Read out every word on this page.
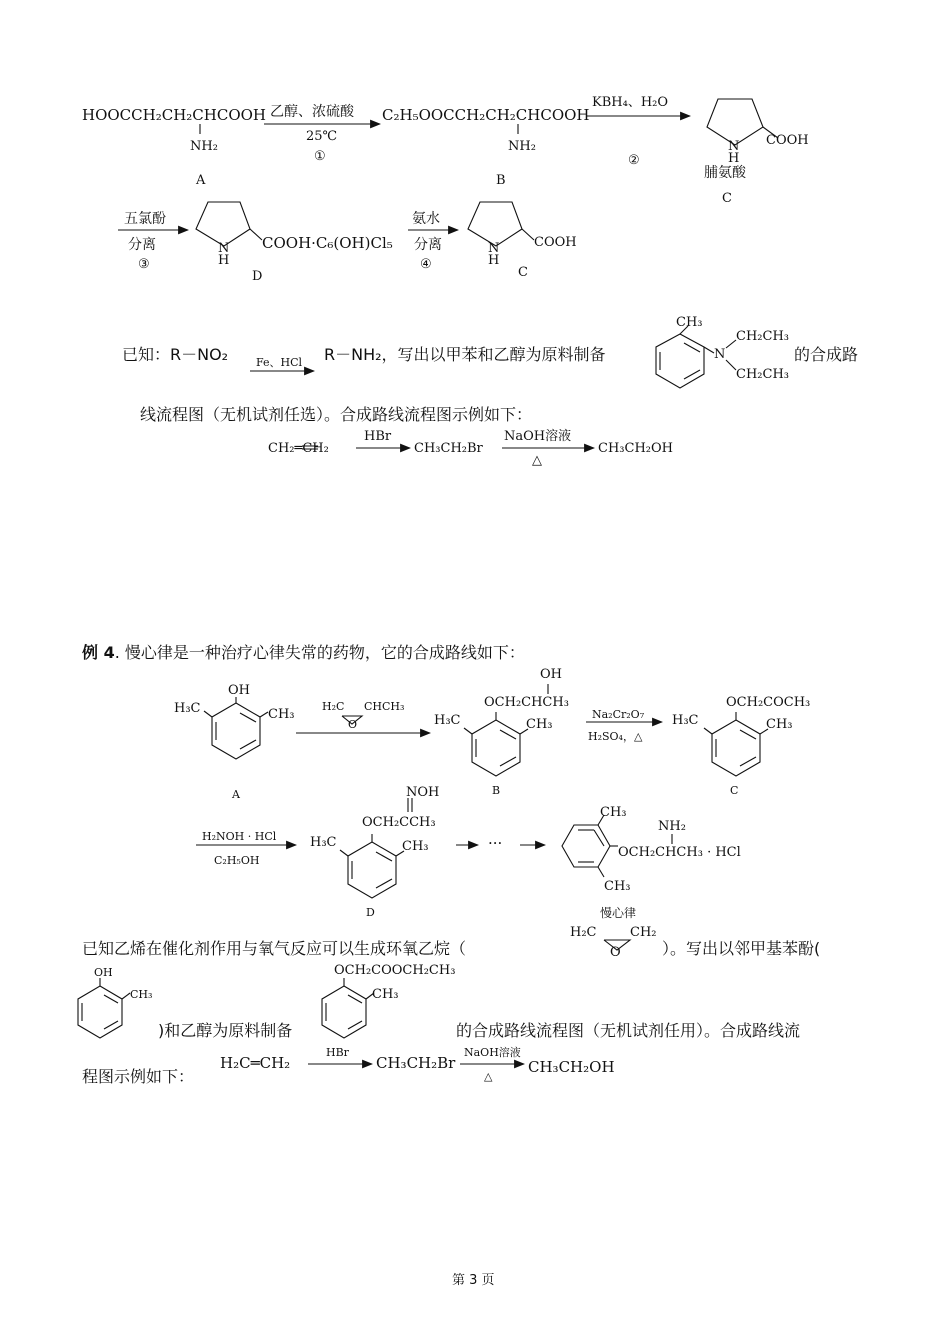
HOOCCH₂CH₂CHCOOH
NH₂
A
乙醇、浓硫酸
25℃
①
C₂H₅OOCCH₂CH₂CHCOOH
NH₂
B
KBH₄、H₂O
②
COOH
N
H
脯氨酸
C
五氯酚
分离
③
N
H
COOH·C₆(OH)Cl₅
D
氨水
分离
④
N
H
COOH
C
已知：R－NO₂	Fe、HCl R－NH₂，写出以甲苯和乙醇为原料制备
CH₃
N
CH₂CH₃
CH₂CH₃
的合成路
线流程图（无机试剂任选）。合成路线流程图示例如下：
CH₂═CH₂
HBr
CH₃CH₂Br
NaOH溶液
△
CH₃CH₂OH
例 4. 慢心律是一种治疗心律失常的药物，它的合成路线如下：
OH
H₃C	CH₃
A
H₂C CHCH₃
O
OH
OCH₂CHCH₃
H₃C	CH₃
B
Na₂Cr₂O₇
H₂SO₄，△
OCH₂COCH₃
H₃C	CH₃
C
H₂NOH · HCl
C₂H₅OH
NOH
OCH₂CCH₃
H₃C	CH₃
D
···
CH₃
NH₂
OCH₂CHCH₃ · HCl
CH₃
慢心律
已知乙烯在催化剂作用与氧气反应可以生成环氧乙烷（
H₂C	CH₂
O	）。写出以邻甲基苯酚(
OH
CH₃
OCH₂COOCH₂CH₃
CH₃
)和乙醇为原料制备	的合成路线流程图（无机试剂任用）。合成路线流
程图示例如下：
H₂C═CH₂
HBr
CH₃CH₂Br
NaOH溶液
△
CH₃CH₂OH
第 3 页
